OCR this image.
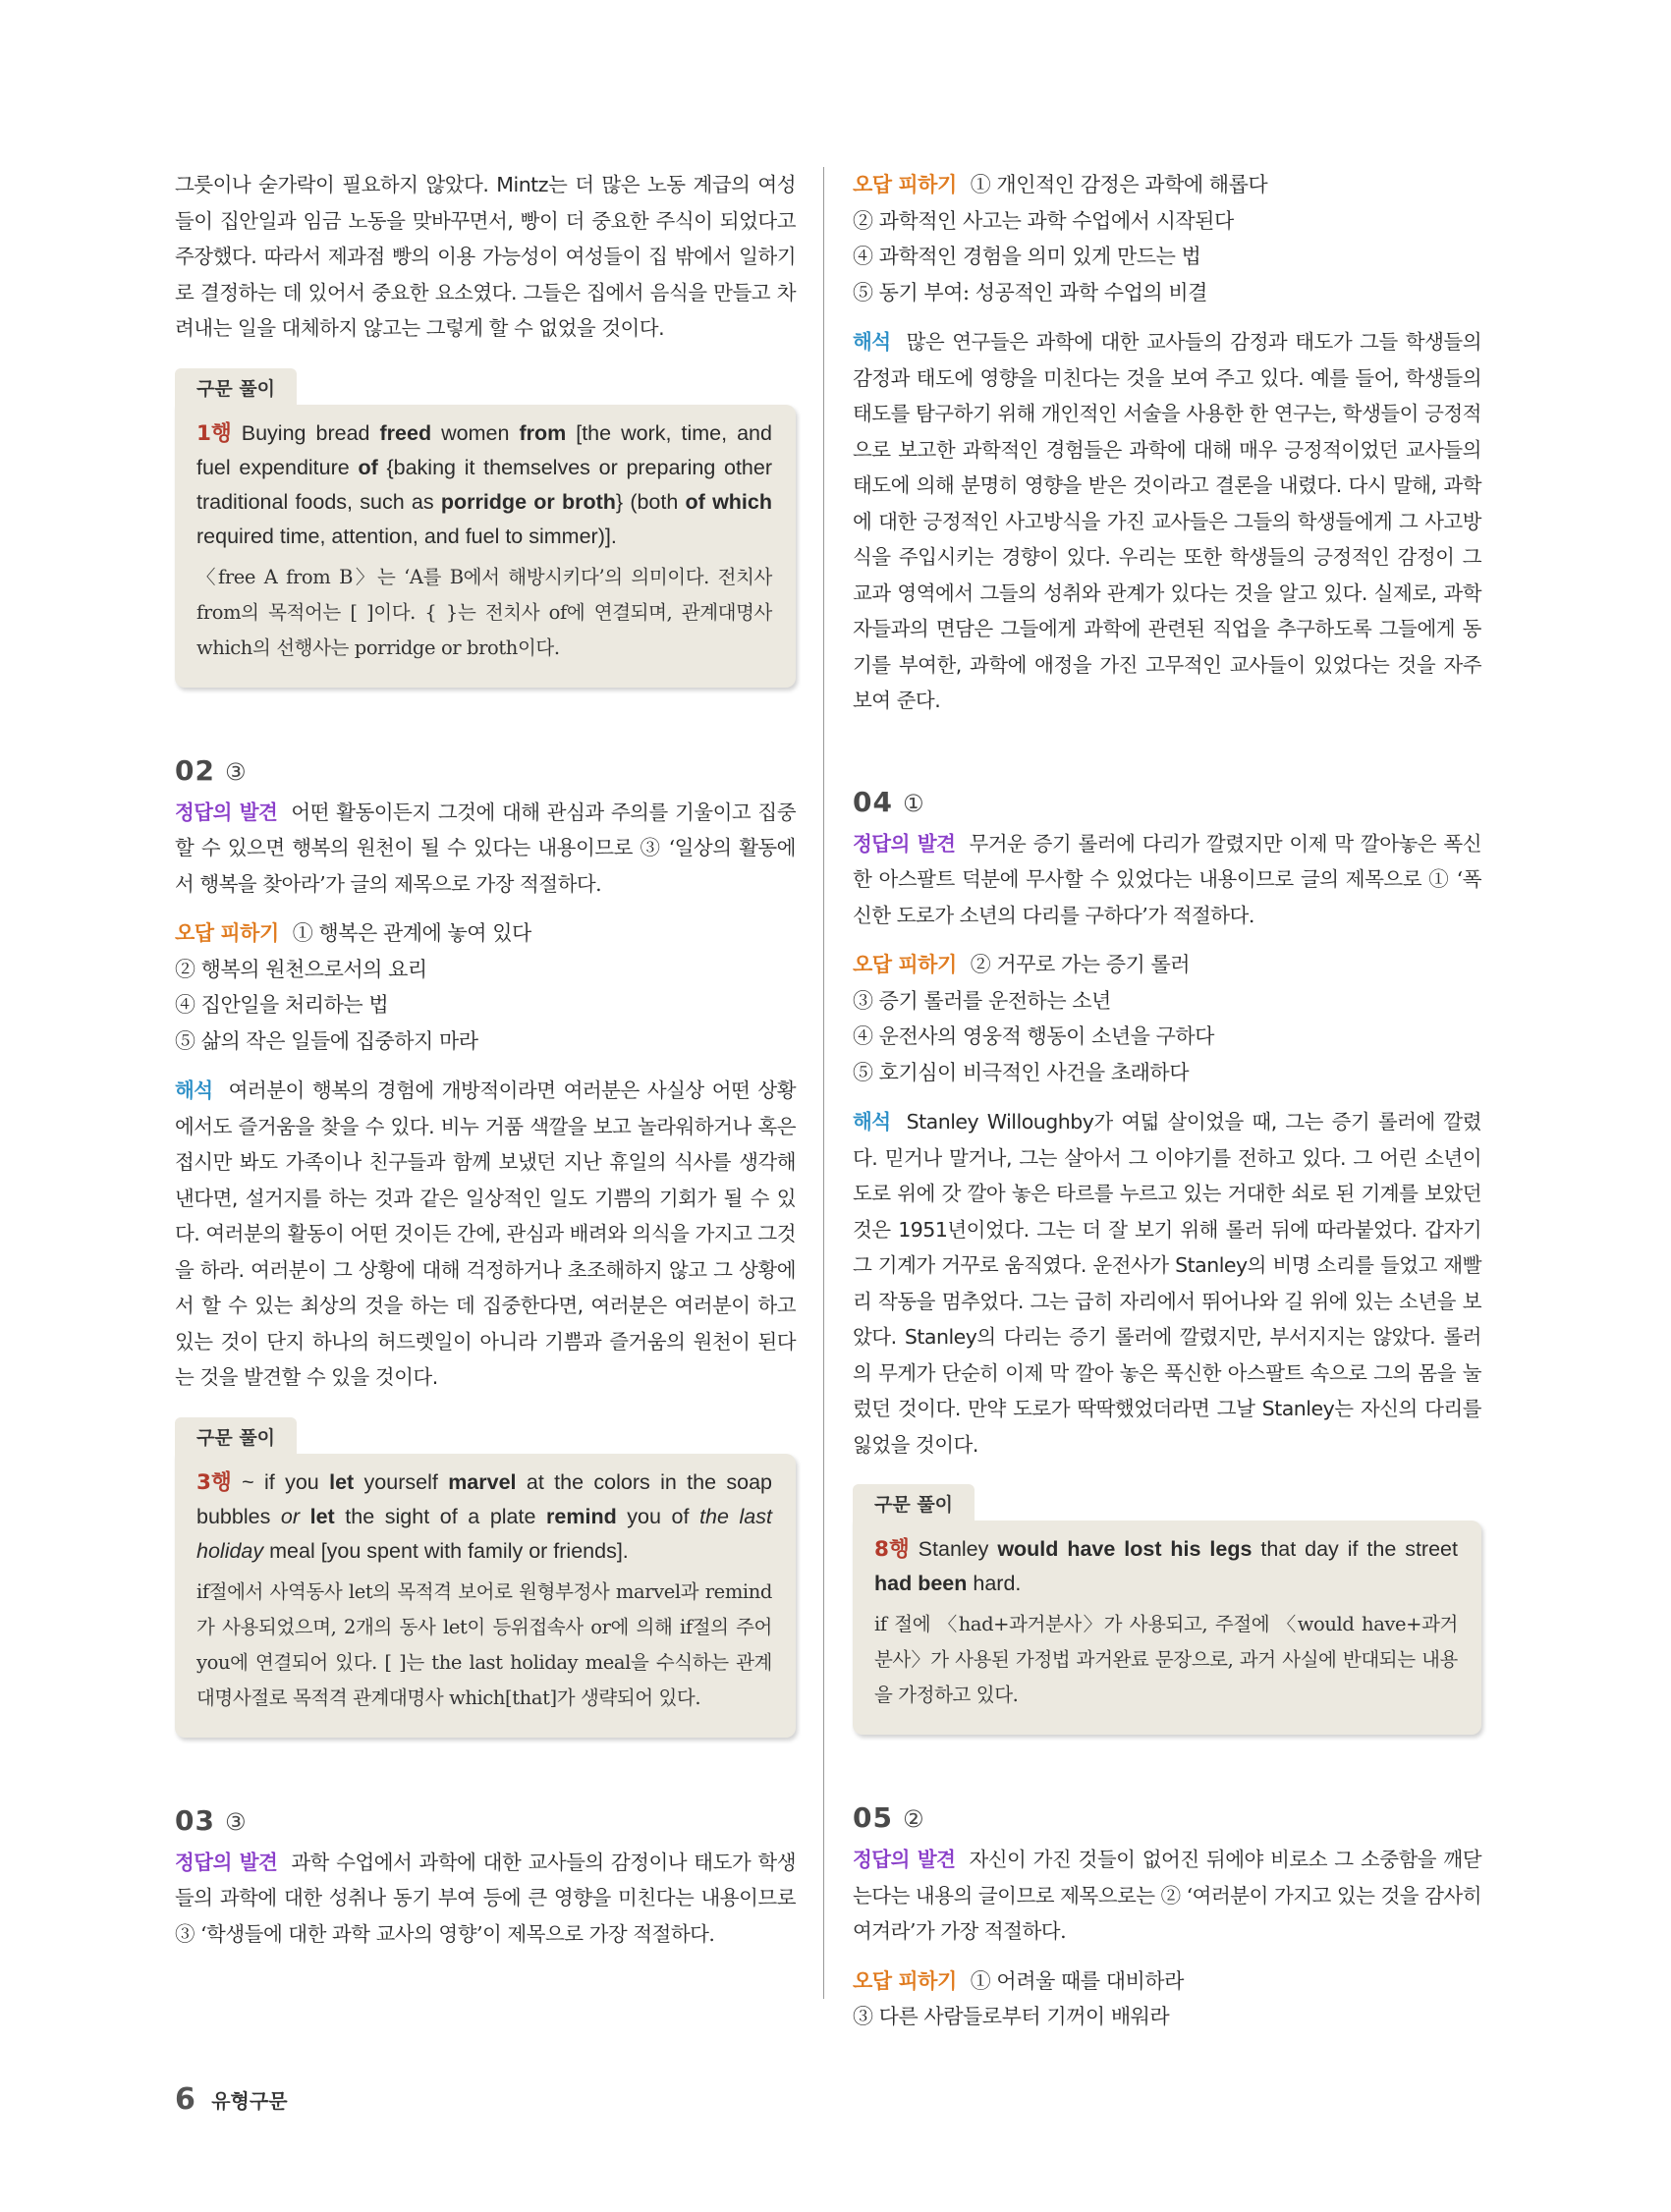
그릇이나 숟가락이 필요하지 않았다. Mintz는 더 많은 노동 계급의 여성들이 집안일과 임금 노동을 맞바꾸면서, 빵이 더 중요한 주식이 되었다고 주장했다. 따라서 제과점 빵의 이용 가능성이 여성들이 집 밖에서 일하기로 결정하는 데 있어서 중요한 요소였다. 그들은 집에서 음식을 만들고 차려내는 일을 대체하지 않고는 그렇게 할 수 없었을 것이다.

구문 풀이

1행 Buying bread freed women from [the work, time, and fuel expenditure of {baking it themselves or preparing other traditional foods, such as porridge or broth} (both of which required time, attention, and fuel to simmer)].

〈free A from B〉는 ‘A를 B에서 해방시키다’의 의미이다. 전치사 from의 목적어는 [ ]이다. { }는 전치사 of에 연결되며, 관계대명사 which의 선행사는 porridge or broth이다.

02 ③

정답의 발견 어떤 활동이든지 그것에 대해 관심과 주의를 기울이고 집중할 수 있으면 행복의 원천이 될 수 있다는 내용이므로 ③ ‘일상의 활동에서 행복을 찾아라’가 글의 제목으로 가장 적절하다.

오답 피하기 ① 행복은 관계에 놓여 있다

② 행복의 원천으로서의 요리

④ 집안일을 처리하는 법

⑤ 삶의 작은 일들에 집중하지 마라

해석 여러분이 행복의 경험에 개방적이라면 여러분은 사실상 어떤 상황에서도 즐거움을 찾을 수 있다. 비누 거품 색깔을 보고 놀라워하거나 혹은 접시만 봐도 가족이나 친구들과 함께 보냈던 지난 휴일의 식사를 생각해 낸다면, 설거지를 하는 것과 같은 일상적인 일도 기쁨의 기회가 될 수 있다. 여러분의 활동이 어떤 것이든 간에, 관심과 배려와 의식을 가지고 그것을 하라. 여러분이 그 상황에 대해 걱정하거나 초조해하지 않고 그 상황에서 할 수 있는 최상의 것을 하는 데 집중한다면, 여러분은 여러분이 하고 있는 것이 단지 하나의 허드렛일이 아니라 기쁨과 즐거움의 원천이 된다는 것을 발견할 수 있을 것이다.

구문 풀이

3행 ~ if you let yourself marvel at the colors in the soap bubbles or let the sight of a plate remind you of the last holiday meal [you spent with family or friends].

if절에서 사역동사 let의 목적격 보어로 원형부정사 marvel과 remind가 사용되었으며, 2개의 동사 let이 등위접속사 or에 의해 if절의 주어 you에 연결되어 있다. [ ]는 the last holiday meal을 수식하는 관계대명사절로 목적격 관계대명사 which[that]가 생략되어 있다.

03 ③

정답의 발견 과학 수업에서 과학에 대한 교사들의 감정이나 태도가 학생들의 과학에 대한 성취나 동기 부여 등에 큰 영향을 미친다는 내용이므로 ③ ‘학생들에 대한 과학 교사의 영향’이 제목으로 가장 적절하다.

오답 피하기 ① 개인적인 감정은 과학에 해롭다

② 과학적인 사고는 과학 수업에서 시작된다

④ 과학적인 경험을 의미 있게 만드는 법

⑤ 동기 부여: 성공적인 과학 수업의 비결

해석 많은 연구들은 과학에 대한 교사들의 감정과 태도가 그들 학생들의 감정과 태도에 영향을 미친다는 것을 보여 주고 있다. 예를 들어, 학생들의 태도를 탐구하기 위해 개인적인 서술을 사용한 한 연구는, 학생들이 긍정적으로 보고한 과학적인 경험들은 과학에 대해 매우 긍정적이었던 교사들의 태도에 의해 분명히 영향을 받은 것이라고 결론을 내렸다. 다시 말해, 과학에 대한 긍정적인 사고방식을 가진 교사들은 그들의 학생들에게 그 사고방식을 주입시키는 경향이 있다. 우리는 또한 학생들의 긍정적인 감정이 그 교과 영역에서 그들의 성취와 관계가 있다는 것을 알고 있다. 실제로, 과학자들과의 면담은 그들에게 과학에 관련된 직업을 추구하도록 그들에게 동기를 부여한, 과학에 애정을 가진 고무적인 교사들이 있었다는 것을 자주 보여 준다.

04 ①

정답의 발견 무거운 증기 롤러에 다리가 깔렸지만 이제 막 깔아놓은 폭신한 아스팔트 덕분에 무사할 수 있었다는 내용이므로 글의 제목으로 ① ‘폭신한 도로가 소년의 다리를 구하다’가 적절하다.

오답 피하기 ② 거꾸로 가는 증기 롤러

③ 증기 롤러를 운전하는 소년

④ 운전사의 영웅적 행동이 소년을 구하다

⑤ 호기심이 비극적인 사건을 초래하다

해석 Stanley Willoughby가 여덟 살이었을 때, 그는 증기 롤러에 깔렸다. 믿거나 말거나, 그는 살아서 그 이야기를 전하고 있다. 그 어린 소년이 도로 위에 갓 깔아 놓은 타르를 누르고 있는 거대한 쇠로 된 기계를 보았던 것은 1951년이었다. 그는 더 잘 보기 위해 롤러 뒤에 따라붙었다. 갑자기 그 기계가 거꾸로 움직였다. 운전사가 Stanley의 비명 소리를 들었고 재빨리 작동을 멈추었다. 그는 급히 자리에서 뛰어나와 길 위에 있는 소년을 보았다. Stanley의 다리는 증기 롤러에 깔렸지만, 부서지지는 않았다. 롤러의 무게가 단순히 이제 막 깔아 놓은 푹신한 아스팔트 속으로 그의 몸을 눌렀던 것이다. 만약 도로가 딱딱했었더라면 그날 Stanley는 자신의 다리를 잃었을 것이다.

구문 풀이

8행 Stanley would have lost his legs that day if the street had been hard.

if 절에 〈had+과거분사〉가 사용되고, 주절에 〈would have+과거분사〉가 사용된 가정법 과거완료 문장으로, 과거 사실에 반대되는 내용을 가정하고 있다.

05 ②

정답의 발견 자신이 가진 것들이 없어진 뒤에야 비로소 그 소중함을 깨닫는다는 내용의 글이므로 제목으로는 ② ‘여러분이 가지고 있는 것을 감사히 여겨라’가 가장 적절하다.

오답 피하기 ① 어려울 때를 대비하라

③ 다른 사람들로부터 기꺼이 배워라

6 유형구문
